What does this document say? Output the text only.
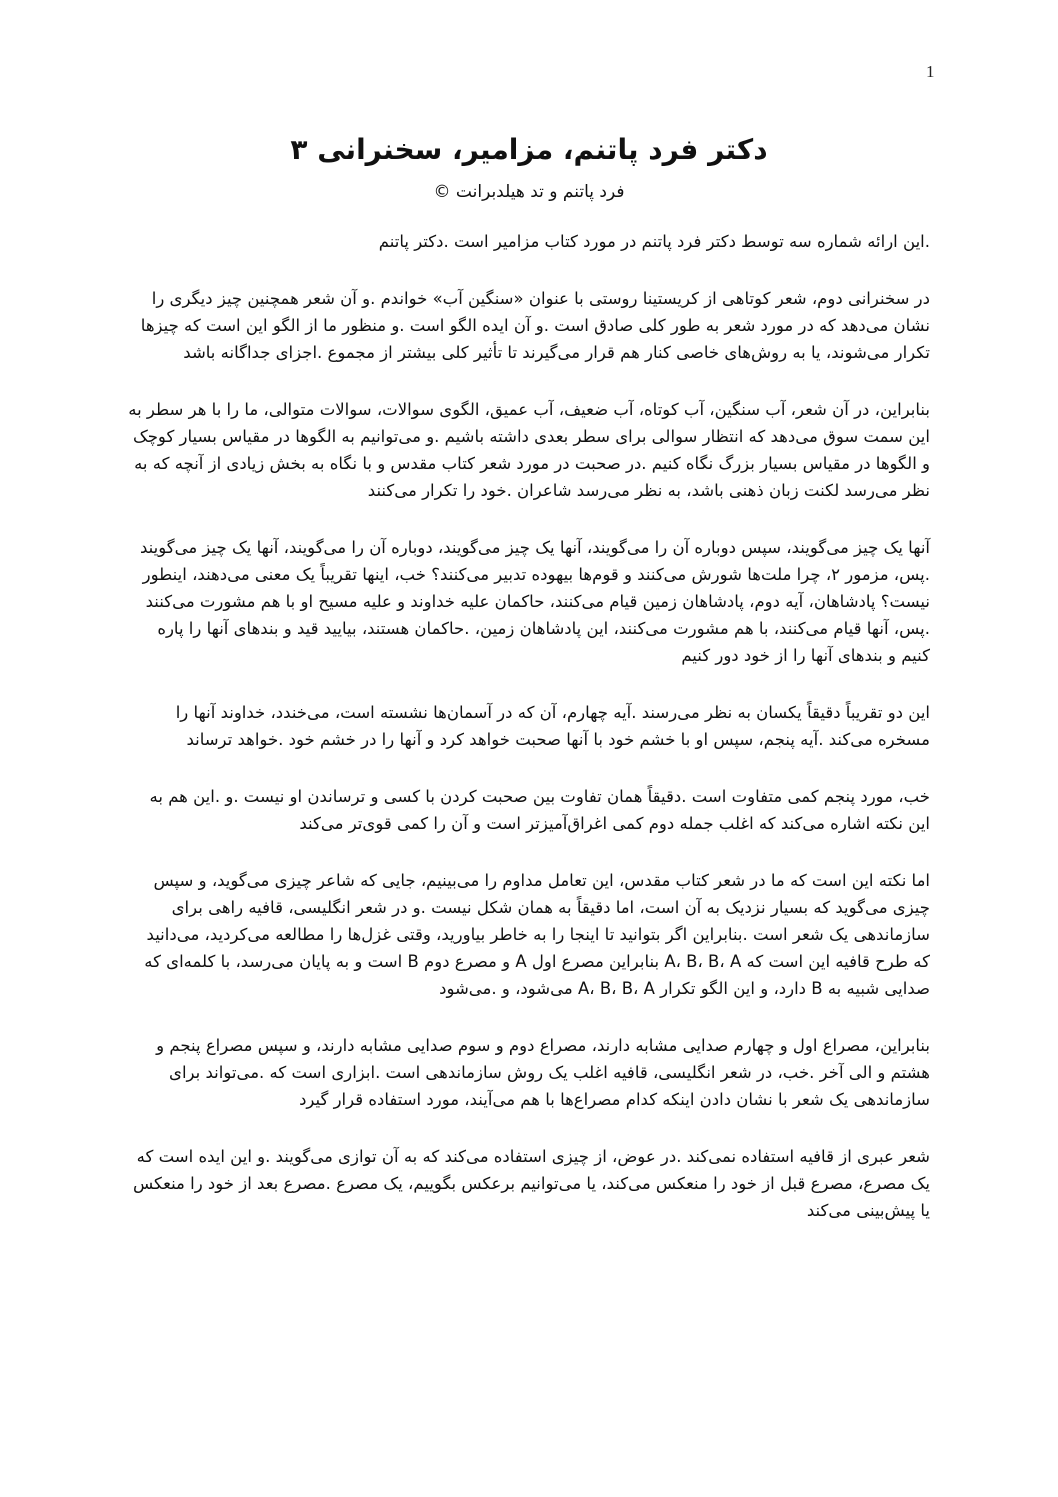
1
دکتر فرد پاتنم، مزامیر، سخنرانی ۳
فرد پاتنم و تد هیلدبرانت ©

.این ارائه شماره سه توسط دکتر فرد پاتنم در مورد کتاب مزامیر است .دکتر پاتنم

در سخنرانی دوم، شعر کوتاهی از کریستینا روستی با عنوان «سنگین آب» خواندم .و آن شعر همچنین چیز دیگری را نشان می‌دهد که در مورد شعر به طور کلی صادق است .و آن ایده الگو است .و منظور ما از الگو این است که چیزها تکرار می‌شوند، یا به روش‌های خاصی کنار هم قرار می‌گیرند تا تأثیر کلی بیشتر از مجموع .اجزای جداگانه باشد

بنابراین، در آن شعر، آب سنگین، آب کوتاه، آب ضعیف، آب عمیق، الگوی سوالات، سوالات متوالی، ما را با هر سطر به این سمت سوق می‌دهد که انتظار سوالی برای سطر بعدی داشته باشیم .و می‌توانیم به الگوها در مقیاس بسیار کوچک و الگوها در مقیاس بسیار بزرگ نگاه کنیم .در صحبت در مورد شعر کتاب مقدس و با نگاه به بخش زیادی از آنچه که به نظر می‌رسد لکنت زبان ذهنی باشد، به نظر می‌رسد شاعران .خود را تکرار می‌کنند

آنها یک چیز می‌گویند، سپس دوباره آن را می‌گویند، آنها یک چیز می‌گویند، دوباره آن را می‌گویند، آنها یک چیز می‌گویند .پس، مزمور ۲، چرا ملت‌ها شورش می‌کنند و قوم‌ها بیهوده تدبیر می‌کنند؟ خب، اینها تقریباً یک معنی می‌دهند، اینطور نیست؟ پادشاهان، آیه دوم، پادشاهان زمین قیام می‌کنند، حاکمان علیه خداوند و علیه مسیح او با هم مشورت می‌کنند .پس، آنها قیام می‌کنند، با هم مشورت می‌کنند، این پادشاهان زمین، .حاکمان هستند، بیایید قید و بندهای آنها را پاره کنیم و بندهای آنها را از خود دور کنیم

این دو تقریباً دقیقاً یکسان به نظر می‌رسند .آیه چهارم، آن که در آسمان‌ها نشسته است، می‌خندد، خداوند آنها را مسخره می‌کند .آیه پنجم، سپس او با خشم خود با آنها صحبت خواهد کرد و آنها را در خشم خود .خواهد ترساند

خب، مورد پنجم کمی متفاوت است .دقیقاً همان تفاوت بین صحبت کردن با کسی و ترساندن او نیست .و .این هم به این نکته اشاره می‌کند که اغلب جمله دوم کمی اغراق‌آمیزتر است و آن را کمی قوی‌تر می‌کند

اما نکته این است که ما در شعر کتاب مقدس، این تعامل مداوم را می‌بینیم، جایی که شاعر چیزی می‌گوید، و سپس چیزی می‌گوید که بسیار نزدیک به آن است، اما دقیقاً به همان شکل نیست .و در شعر انگلیسی، قافیه راهی برای سازماندهی یک شعر است .بنابراین اگر بتوانید تا اینجا را به خاطر بیاورید، وقتی غزل‌ها را مطالعه می‌کردید، می‌دانید که طرح قافیه این است که A، B، B، A بنابراین مصرع اول A و مصرع دوم B است و به پایان می‌رسد، با کلمه‌ای که صدایی شبیه به B دارد، و این الگو تکرار A، B، B، A می‌شود، و .می‌شود

بنابراین، مصراع اول و چهارم صدایی مشابه دارند، مصراع دوم و سوم صدایی مشابه دارند، و سپس مصراع پنجم و هشتم و الی آخر .خب، در شعر انگلیسی، قافیه اغلب یک روش سازماندهی است .ابزاری است که .می‌تواند برای سازماندهی یک شعر با نشان دادن اینکه کدام مصراع‌ها با هم می‌آیند، مورد استفاده قرار گیرد

شعر عبری از قافیه استفاده نمی‌کند .در عوض، از چیزی استفاده می‌کند که به آن توازی می‌گویند .و این ایده است که یک مصرع، مصرع قبل از خود را منعکس می‌کند، یا می‌توانیم برعکس بگوییم، یک مصرع .مصرع بعد از خود را منعکس یا پیش‌بینی می‌کند
